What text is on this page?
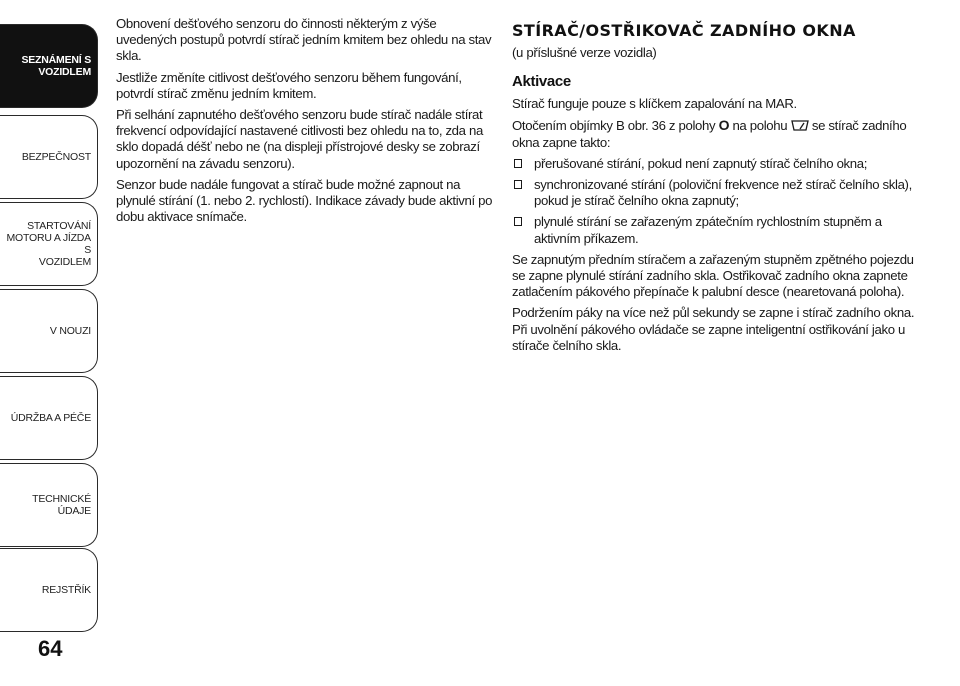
SEZNÁMENÍ S
VOZIDLEM
BEZPEČNOST
STARTOVÁNÍ
MOTORU A JÍZDA S
VOZIDLEM
V NOUZI
ÚDRŽBA A PÉČE
TECHNICKÉ ÚDAJE
REJSTŘÍK
64

Obnovení dešťového senzoru do činnosti některým z výše uvedených postupů potvrdí stírač jedním kmitem bez ohledu na stav skla.

Jestliže změníte citlivost dešťového senzoru během fungování, potvrdí stírač změnu jedním kmitem.

Při selhání zapnutého dešťového senzoru bude stírač nadále stírat frekvencí odpovídající nastavené citlivosti bez ohledu na to, zda na sklo dopadá déšť nebo ne (na displeji přístrojové desky se zobrazí upozornění na závadu senzoru).

Senzor bude nadále fungovat a stírač bude možné zapnout na plynulé stírání (1. nebo 2. rychlostí). Indikace závady bude aktivní po dobu aktivace snímače.

STÍRAČ/OSTŘIKOVAČ ZADNÍHO OKNA

(u příslušné verze vozidla)

Aktivace

Stírač funguje pouze s klíčkem zapalování na MAR.

Otočením objímky B obr. 36 z polohy O na polohu  se stírač zadního okna zapne takto:

přerušované stírání, pokud není zapnutý stírač čelního okna;

synchronizované stírání (poloviční frekvence než stírač čelního skla), pokud je stírač čelního okna zapnutý;

plynulé stírání se zařazeným zpátečním rychlostním stupněm a aktivním příkazem.

Se zapnutým předním stíračem a zařazeným stupněm zpětného pojezdu se zapne plynulé stírání zadního skla. Ostřikovač zadního okna zapnete zatlačením pákového přepínače k palubní desce (nearetovaná poloha).

Podržením páky na více než půl sekundy se zapne i stírač zadního okna. Při uvolnění pákového ovládače se zapne inteligentní ostřikování jako u stírače čelního skla.
